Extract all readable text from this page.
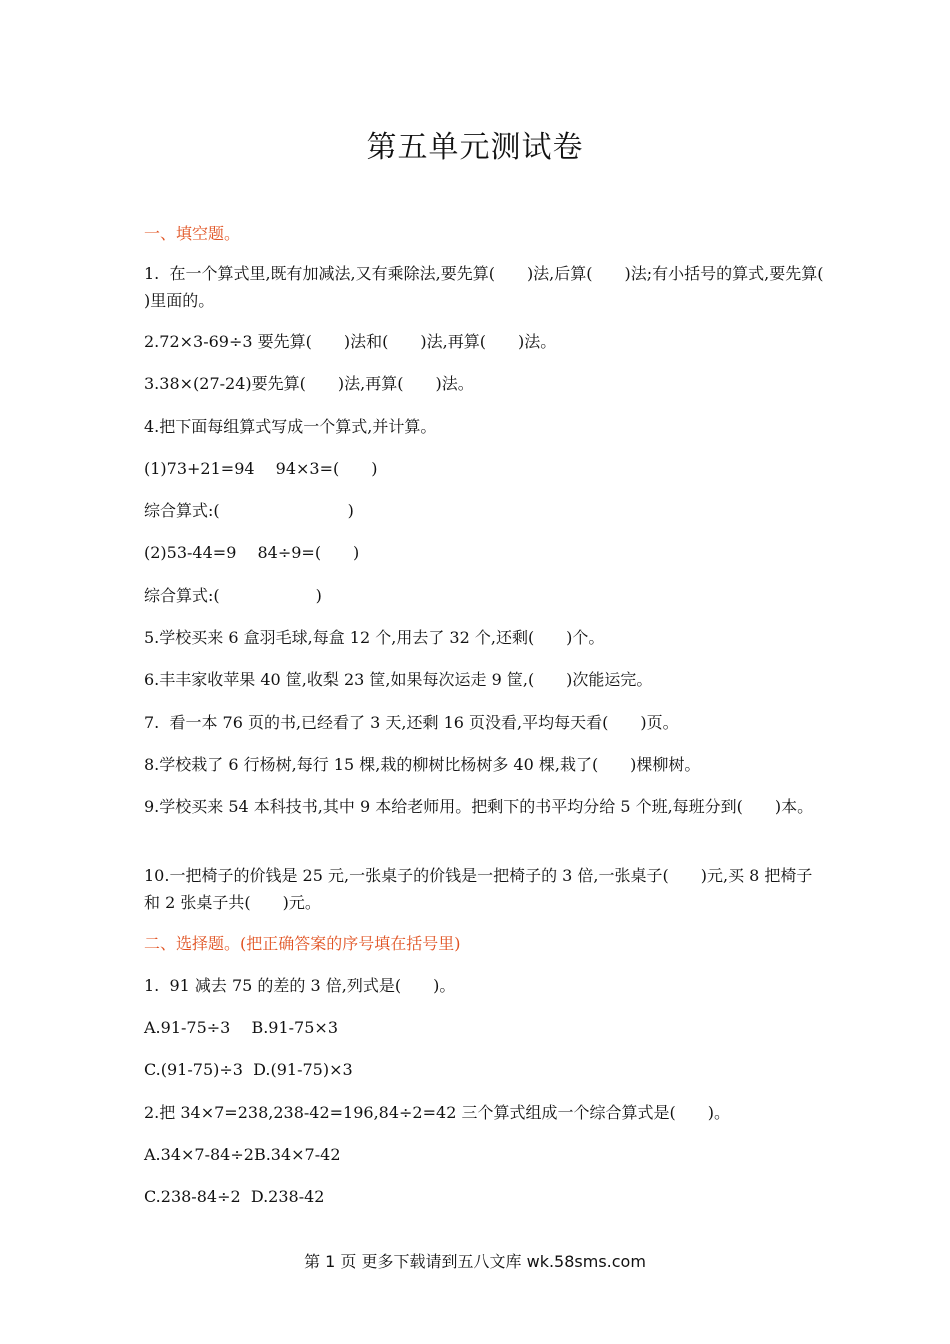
第五单元测试卷
一、填空题。
1.  在一个算式里,既有加减法,又有乘除法,要先算(　　)法,后算(　　)法;有小括号的算式,要先算(　　)里面的。
2.72×3-69÷3 要先算(　　)法和(　　)法,再算(　　)法。
3.38×(27-24)要先算(　　)法,再算(　　)法。
4.把下面每组算式写成一个算式,并计算。
(1)73+21=94　 94×3=(　　)
综合算式:(　　　　　　　　)
(2)53-44=9　 84÷9=(　　)
综合算式:(　　　　　　)
5.学校买来 6 盒羽毛球,每盒 12 个,用去了 32 个,还剩(　　)个。
6.丰丰家收苹果 40 筐,收梨 23 筐,如果每次运走 9 筐,(　　)次能运完。
7.  看一本 76 页的书,已经看了 3 天,还剩 16 页没看,平均每天看(　　)页。
8.学校栽了 6 行杨树,每行 15 棵,栽的柳树比杨树多 40 棵,栽了(　　)棵柳树。
9.学校买来 54 本科技书,其中 9 本给老师用。把剩下的书平均分给 5 个班,每班分到(　　)本。
10.一把椅子的价钱是 25 元,一张桌子的价钱是一把椅子的 3 倍,一张桌子(　　)元,买 8 把椅子和 2 张桌子共(　　)元。
二、选择题。(把正确答案的序号填在括号里)
1.  91 减去 75 的差的 3 倍,列式是(　　)。
A.91-75÷3　 B.91-75×3
C.(91-75)÷3  D.(91-75)×3
2.把 34×7=238,238-42=196,84÷2=42 三个算式组成一个综合算式是(　　)。
A.34×7-84÷2B.34×7-42
C.238-84÷2  D.238-42
第 1 页 更多下载请到五八文库 wk.58sms.com
